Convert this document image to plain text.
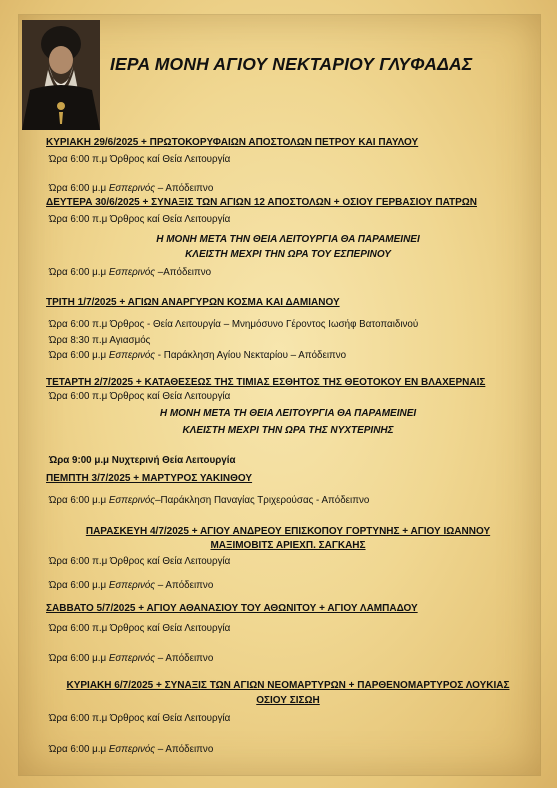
ΙΕΡΑ ΜΟΝΗ ΑΓΙΟΥ ΝΕΚΤΑΡΙΟΥ ΓΛΥΦΑΔΑΣ
ΚΥΡΙΑΚΗ 29/6/2025 + ΠΡΩΤΟΚΟΡΥΦΑΙΩΝ ΑΠΟΣΤΟΛΩΝ ΠΕΤΡΟΥ ΚΑΙ ΠΑΥΛΟΥ
Ώρα 6:00 π.μ Όρθρος καί Θεία Λειτουργία
Ώρα 6:00 μ.μ Εσπερινός – Απόδειπνο
ΔΕΥΤΕΡΑ 30/6/2025 + ΣΥΝΑΞΙΣ ΤΩΝ ΑΓΙΩΝ 12 ΑΠΟΣΤΟΛΩΝ + ΟΣΙΟΥ ΓΕΡΒΑΣΙΟΥ ΠΑΤΡΩΝ
Ώρα 6:00 π.μ Όρθρος καί Θεία Λειτουργία
Η ΜΟΝΗ ΜΕΤΑ ΤΗΝ ΘΕΙΑ ΛΕΙΤΟΥΡΓΙΑ ΘΑ ΠΑΡΑΜΕΙΝΕΙ
ΚΛΕΙΣΤΗ ΜΕΧΡΙ ΤΗΝ ΩΡΑ ΤΟΥ ΕΣΠΕΡΙΝΟΥ
Ώρα 6:00 μ.μ Εσπερινός –Απόδειπνο
ΤΡΙΤΗ 1/7/2025 + ΑΓΙΩΝ ΑΝΑΡΓΥΡΩΝ ΚΟΣΜΑ ΚΑΙ ΔΑΜΙΑΝΟΥ
Ώρα 6:00 π.μ Όρθρος - Θεία Λειτουργία – Μνημόσυνο Γέροντος Ιωσήφ Βατοπαιδινού
Ώρα 8:30 π.μ Αγιασμός
Ώρα 6:00 μ.μ Εσπερινός - Παράκληση Αγίου Νεκταρίου – Απόδειπνο
ΤΕΤΑΡΤΗ 2/7/2025 + ΚΑΤΑΘΕΣΕΩΣ ΤΗΣ ΤΙΜΙΑΣ ΕΣΘΗΤΟΣ ΤΗΣ ΘΕΟΤΟΚΟΥ ΕΝ ΒΛΑΧΕΡΝΑΙΣ
Ώρα 6:00 π.μ Όρθρος καί Θεία Λειτουργία
Η ΜΟΝΗ ΜΕΤΑ ΤΗ ΘΕΙΑ ΛΕΙΤΟΥΡΓΙΑ ΘΑ ΠΑΡΑΜΕΙΝΕΙ
ΚΛΕΙΣΤΗ ΜΕΧΡΙ ΤΗΝ ΩΡΑ ΤΗΣ ΝΥΧΤΕΡΙΝΗΣ
Ώρα 9:00 μ.μ Νυχτερινή Θεία Λειτουργία
ΠΕΜΠΤΗ 3/7/2025 + ΜΑΡΤΥΡΟΣ ΥΑΚΙΝΘΟΥ
Ώρα 6:00 μ.μ Εσπερινός–Παράκληση Παναγίας Τριχερούσας - Απόδειπνο
ΠΑΡΑΣΚΕΥΗ 4/7/2025 + ΑΓΙΟΥ ΑΝΔΡΕΟΥ ΕΠΙΣΚΟΠΟΥ ΓΟΡΤΥΝΗΣ + ΑΓΙΟΥ ΙΩΑΝΝΟΥ
ΜΑΞΙΜΟΒΙΤΣ ΑΡΙΕΧΠ. ΣΑΓΚΑΗΣ
Ώρα 6:00 π.μ Όρθρος καί Θεία Λειτουργία
Ώρα 6:00 μ.μ Εσπερινός – Απόδειπνο
ΣΑΒΒΑΤΟ 5/7/2025 + ΑΓΙΟΥ ΑΘΑΝΑΣΙΟΥ ΤΟΥ ΑΘΩΝΙΤΟΥ + ΑΓΙΟΥ ΛΑΜΠΑΔΟΥ
Ώρα 6:00 π.μ Όρθρος καί Θεία Λειτουργία
Ώρα 6:00 μ.μ Εσπερινός – Απόδειπνο
ΚΥΡΙΑΚΗ 6/7/2025 + ΣΥΝΑΞΙΣ ΤΩΝ ΑΓΙΩΝ ΝΕΟΜΑΡΤΥΡΩΝ + ΠΑΡΘΕΝΟΜΑΡΤΥΡΟΣ ΛΟΥΚΙΑΣ
ΟΣΙΟΥ ΣΙΣΩΗ
Ώρα 6:00 π.μ Όρθρος καί Θεία Λειτουργία
Ώρα 6:00 μ.μ Εσπερινός – Απόδειπνο
